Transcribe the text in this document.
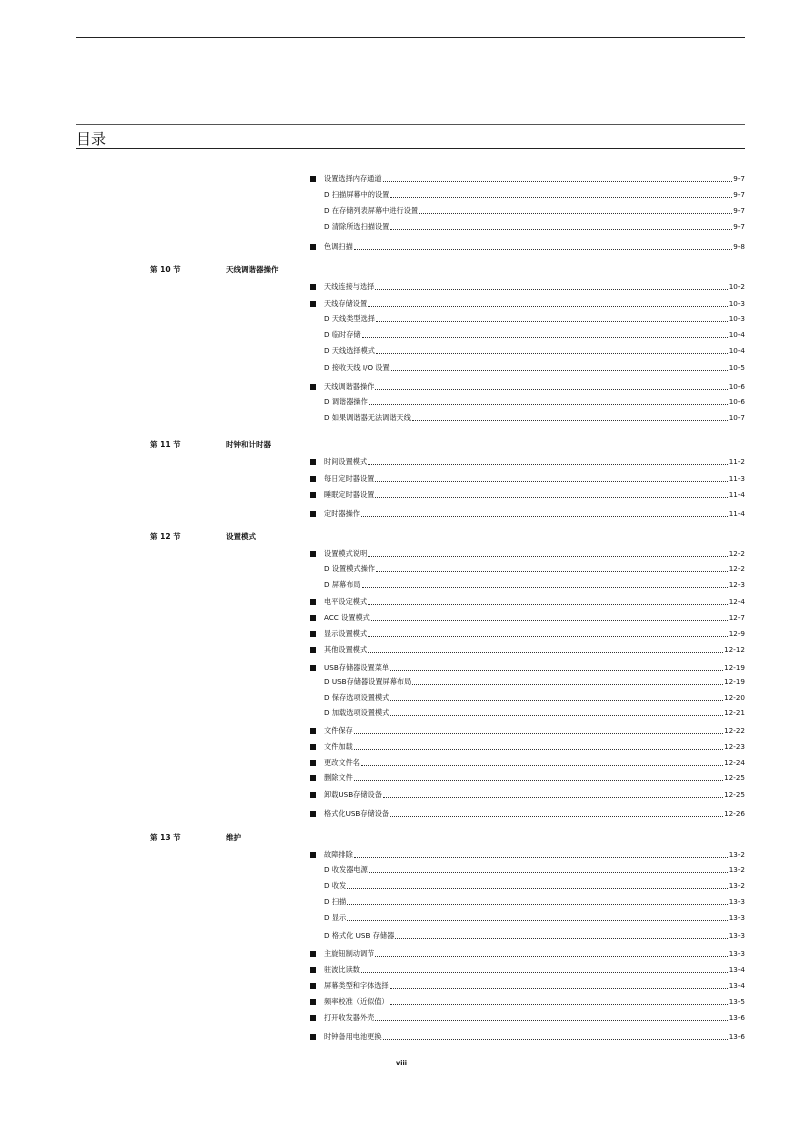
目录
设置选择内存通道	9-7
D 扫描屏幕中的设置	9-7
D 在存储列表屏幕中进行设置	9-7
D 清除所选扫描设置	9-7
色调扫描	9-8
第 10 节	天线调谐器操作
天线连接与选择	10-2
天线存储设置	10-3
D 天线类型选择	10-3
D 临时存储	10-4
D 天线选择模式	10-4
D 接收天线 I/O 设置	10-5
天线调谐器操作	10-6
D 调谐器操作	10-6
D 如果调谐器无法调谐天线	10-7
第 11 节	时钟和计时器
时间设置模式	11-2
每日定时器设置	11-3
睡眠定时器设置	11-4
定时器操作	11-4
第 12 节	设置模式
设置模式说明	12-2
D 设置模式操作	12-2
D 屏幕布局	12-3
电平设定模式	12-4
ACC 设置模式	12-7
显示设置模式	12-9
其他设置模式	12-12
USB存储器设置菜单	12-19
D USB存储器设置屏幕布局	12-19
D 保存选项设置模式	12-20
D 加载选项设置模式	12-21
文件保存	12-22
文件加载	12-23
更改文件名	12-24
删除文件	12-25
卸载USB存储设备	12-25
格式化USB存储设备	12-26
第 13 节	维护
故障排除	13-2
D 收发器电源	13-2
D 收发	13-2
D 扫描	13-3
D 显示	13-3
D 格式化 USB 存储器	13-3
主旋钮制动调节	13-3
驻波比读数	13-4
屏幕类型和字体选择	13-4
频率校准（近似值）	13-5
打开收发器外壳	13-6
时钟备用电池更换	13-6
viii
